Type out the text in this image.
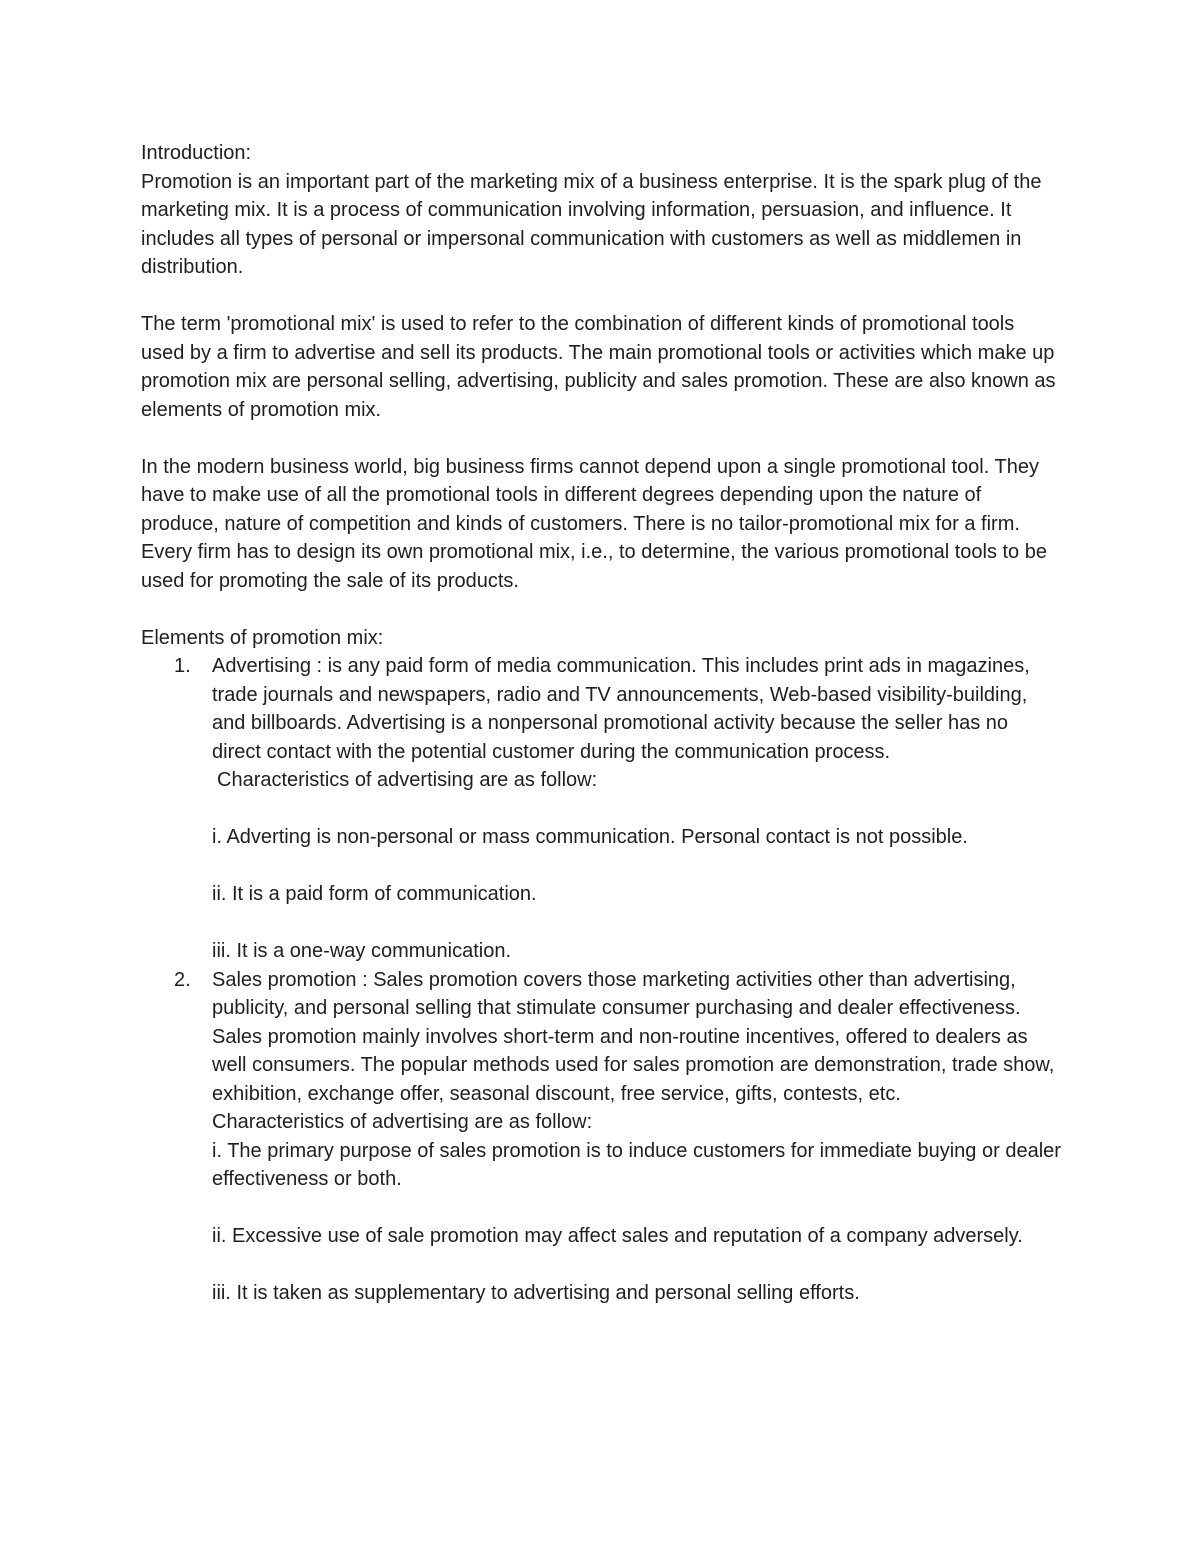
Introduction:

Promotion is an important part of the marketing mix of a business enterprise. It is the spark plug of the marketing mix. It is a process of communication involving information, persuasion, and influence. It includes all types of personal or impersonal communication with customers as well as middlemen in distribution.

The term 'promotional mix' is used to refer to the combination of different kinds of promotional tools used by a firm to advertise and sell its products. The main promotional tools or activities which make up promotion mix are personal selling, advertising, publicity and sales promotion. These are also known as elements of promotion mix.

In the modern business world, big business firms cannot depend upon a single promotional tool. They have to make use of all the promotional tools in different degrees depending upon the nature of produce, nature of competition and kinds of customers. There is no tailor-promotional mix for a firm. Every firm has to design its own promotional mix, i.e., to determine, the various promotional tools to be used for promoting the sale of its products.

Elements of promotion mix:

1. Advertising : is any paid form of media communication. This includes print ads in magazines, trade journals and newspapers, radio and TV announcements, Web-based visibility-building, and billboards. Advertising is a nonpersonal promotional activity because the seller has no direct contact with the potential customer during the communication process.

Characteristics of advertising are as follow:

i. Adverting is non-personal or mass communication. Personal contact is not possible.

ii. It is a paid form of communication.

iii. It is a one-way communication.

2. Sales promotion : Sales promotion covers those marketing activities other than advertising, publicity, and personal selling that stimulate consumer purchasing and dealer effectiveness. Sales promotion mainly involves short-term and non-routine incentives, offered to dealers as well consumers. The popular methods used for sales promotion are demonstration, trade show, exhibition, exchange offer, seasonal discount, free service, gifts, contests, etc.

Characteristics of advertising are as follow:

i. The primary purpose of sales promotion is to induce customers for immediate buying or dealer effectiveness or both.

ii. Excessive use of sale promotion may affect sales and reputation of a company adversely.

iii. It is taken as supplementary to advertising and personal selling efforts.
